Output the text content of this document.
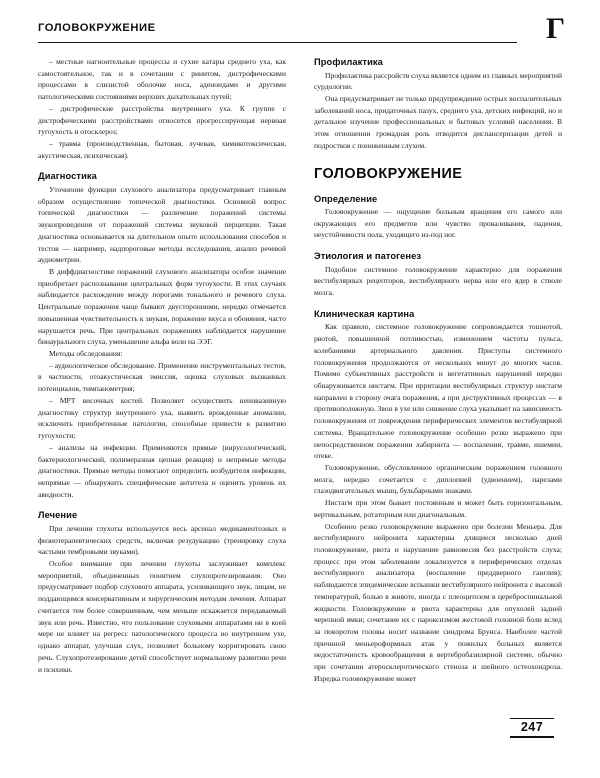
ГОЛОВОКРУЖЕНИЕ	Г

– местные нагноительные процессы и сухие катары среднего уха, как самостоятельное, так и в сочетании с ринитом, дистрофическими процессами в слизистой оболочке носа, аденоидами и другими патологическими состояниями верхних дыхательных путей;

– дистрофические расстройства внутреннего уха. К группе с дистрофическими расстройствами относится прогрессирующая нервная тугоухость и отосклероз;

– травма (производственная, бытовая, лучевая, химикотоксическая, акустическая, психическая).

Диагностика

Уточнение функции слухового анализатора предусматривает главным образом осуществление топической диагностики. Основной вопрос топической диагностики — различение поражений системы звукопроведения от поражений системы звуковой перцепции. Такая диагностика основывается на длительном опыте использования способов и тестов — например, надпороговые методы исследования, анализ речевой аудиометрии.

В диффдиагностике поражений слухового анализатора особое значение приобретает распознавание центральных форм тугоухости. В этих случаях наблюдается расхождение между порогами тонального и речевого слуха. Центральные поражения чаще бывают двусторонними, нередко отмечается повышенная чувствительность к звукам, поражение вкуса и обоняния, часто нарушается речь. При центральных поражениях наблюдается нарушение бинаурального слуха, уменьшение альфа волн на ЭЭГ.

Методы обследования:

– аудиологическое обследование. Применение инструментальных тестов, в частности, отоакустическая эмиссия, оценка слуховых вызванных потенциалов, тимпанометрия;

– МРТ височных костей. Позволяет осуществить неинвазивную диагностику структур внутреннего уха, выявить врожденные аномалии, исключить приобретенные патологии, способные привести к развитию тугоухости;

– анализы на инфекции. Применяются прямые (вирусологический, бактериологический, полимеразная цепная реакция) и непрямые методы диагностики. Прямые методы помогают определить возбудителя инфекции, непрямые — обнаружить специфические антитела и оценить уровень их авидности.

Лечение

При лечении глухоты используется весь арсенал медикаментозных и физиотерапевтических средств, включая резудукацию (тренировку слуха частыми тембровыми звуками).

Особое внимание при лечении глухоты заслуживает комплекс мероприятий, объединенных понятием слухопротезирования. Оно предусматривает подбор слухового аппарата, усиливающего звук, лицам, не поддающимся консервативным и хирургическим методам лечения. Аппарат считается тем более совершенным, чем меньше искажается передаваемый звук или речь. Известно, что пользование слуховыми аппаратами ни в коей мере не влияет на регресс патологического процесса во внутреннем ухе, однако аппарат, улучшая слух, позволяет больному корригировать свою речь. Слухопротезирование детей способствует нормальному развитию речи и психики.

Профилактика

Профилактика рассройств слуха является одним из главных мероприятий сурдологии.

Она предусматривает не только предупреждение острых воспалительных заболеваний носа, придаточных пазух, среднего уха, детских инфекций, но и детальное изучение профессиональных и бытовых условий населения. В этом отношении громадная роль отводится диспансеризации детей и подростков с пониженным слухом.

ГОЛОВОКРУЖЕНИЕ
Определение

Головокружение — ощущение больным вращения его самого или окружающих его предметов или чувство проваливания, падения, неустойчивости пола, уходящего из-под ног.

Этиология и патогенез

Подобное системное головокружение характерно для поражения вестибулярных рецепторов, вестибулярного нерва или его ядер в стволе мозга.

Клиническая картина

Как правило, системное головокружение сопровождается тошнотой, рвотой, повышенной потливостью, изменением частоты пульса, колебаниями артериального давления. Приступы системного головокружения продолжаются от нескольких минут до многих часов. Помимо субъективных расстройств и вегетативных нарушений нередко обнаруживается нистагм. При ирритации вестибулярных структур нистагм направлен в сторону очага поражения, а при деструктивных процессах — в противоположную. Звон в ухе или снижение слуха указывает на зависимость головокружения от повреждения периферических элементов вестибулярной системы. Вращательное головокружение особенно резко выражено при непосредственном поражении лабиринта — воспалении, травме, ишемии, отеке.

Головокружение, обусловленное органическим поражением головного мозга, нередко сочетается с диплопией (удвоением), парезами глазодвигательных мышц, бульбарными знаками.

Нистагм при этом бывает постоянным и может быть горизонтальным, вертикальным, ротаторным или диагональным.

Особенно резко головокружение выражено при болезни Меньера. Для вестибулярного нейронита характерны длящиеся несколько дней головокружение, рвота и нарушение равновесия без расстройств слуха; процесс при этом заболевании локализуется в периферических отделах вестибулярного анализатора (воспаление преддверного ганглия); наблюдаются эпидемические вспышки вестибулярного нейронита с высокой температурой, болью в животе, иногда с плеоцитозом в цереброспинальной жидкости. Головокружение и рвота характерны для опухолей задней черепной ямки; сочетание их с пароксизмом жестокой головной боли вслед за поворотом головы носит название синдрома Брунса. Наиболее частой причиной меньероформных атак у пожилых больных является недостаточность кровообращения в вертебробазилярной системе, обычно при сочетании атеросклеротического стеноза и шейного остеохондроза. Изредка головокружение может

247
